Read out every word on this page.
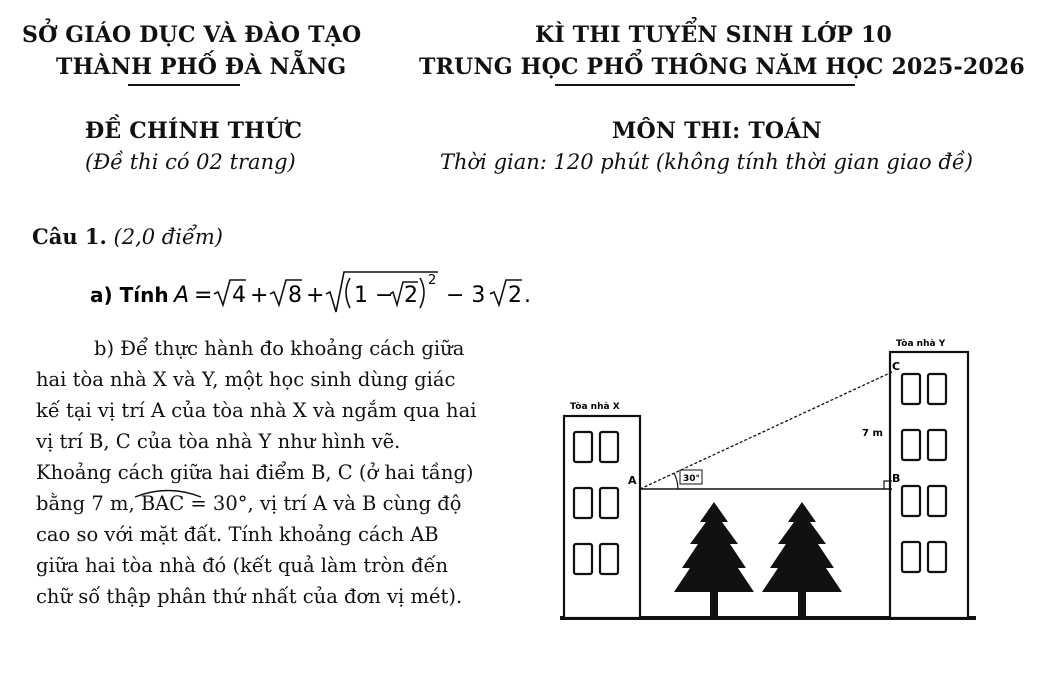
SỞ GIÁO DỤC VÀ ĐÀO TẠO
THÀNH PHỐ ĐÀ NẴNG
KÌ THI TUYỂN SINH LỚP 10
TRUNG HỌC PHỔ THÔNG NĂM HỌC 2025-2026
ĐỀ CHÍNH THỨC
(Đề thi có 02 trang)
MÔN THI: TOÁN
Thời gian: 120 phút (không tính thời gian giao đề)
Câu 1. (2,0 điểm)
a) Tính A = 4 + 8 + 1 − 2
2
− 3 2 .
b) Để thực hành đo khoảng cách giữa
hai tòa nhà X và Y, một học sinh dùng giác
kế tại vị trí A của tòa nhà X và ngắm qua hai
vị trí B, C của tòa nhà Y như hình vẽ.
Khoảng cách giữa hai điểm B, C (ở hai tầng)
bằng 7 m, BAC = 30°, vị trí A và B cùng độ
cao so với mặt đất. Tính khoảng cách AB
giữa hai tòa nhà đó (kết quả làm tròn đến
chữ số thập phân thứ nhất của đơn vị mét).
Tòa nhà X
Tòa nhà Y
30°
A	B
C
7 m
